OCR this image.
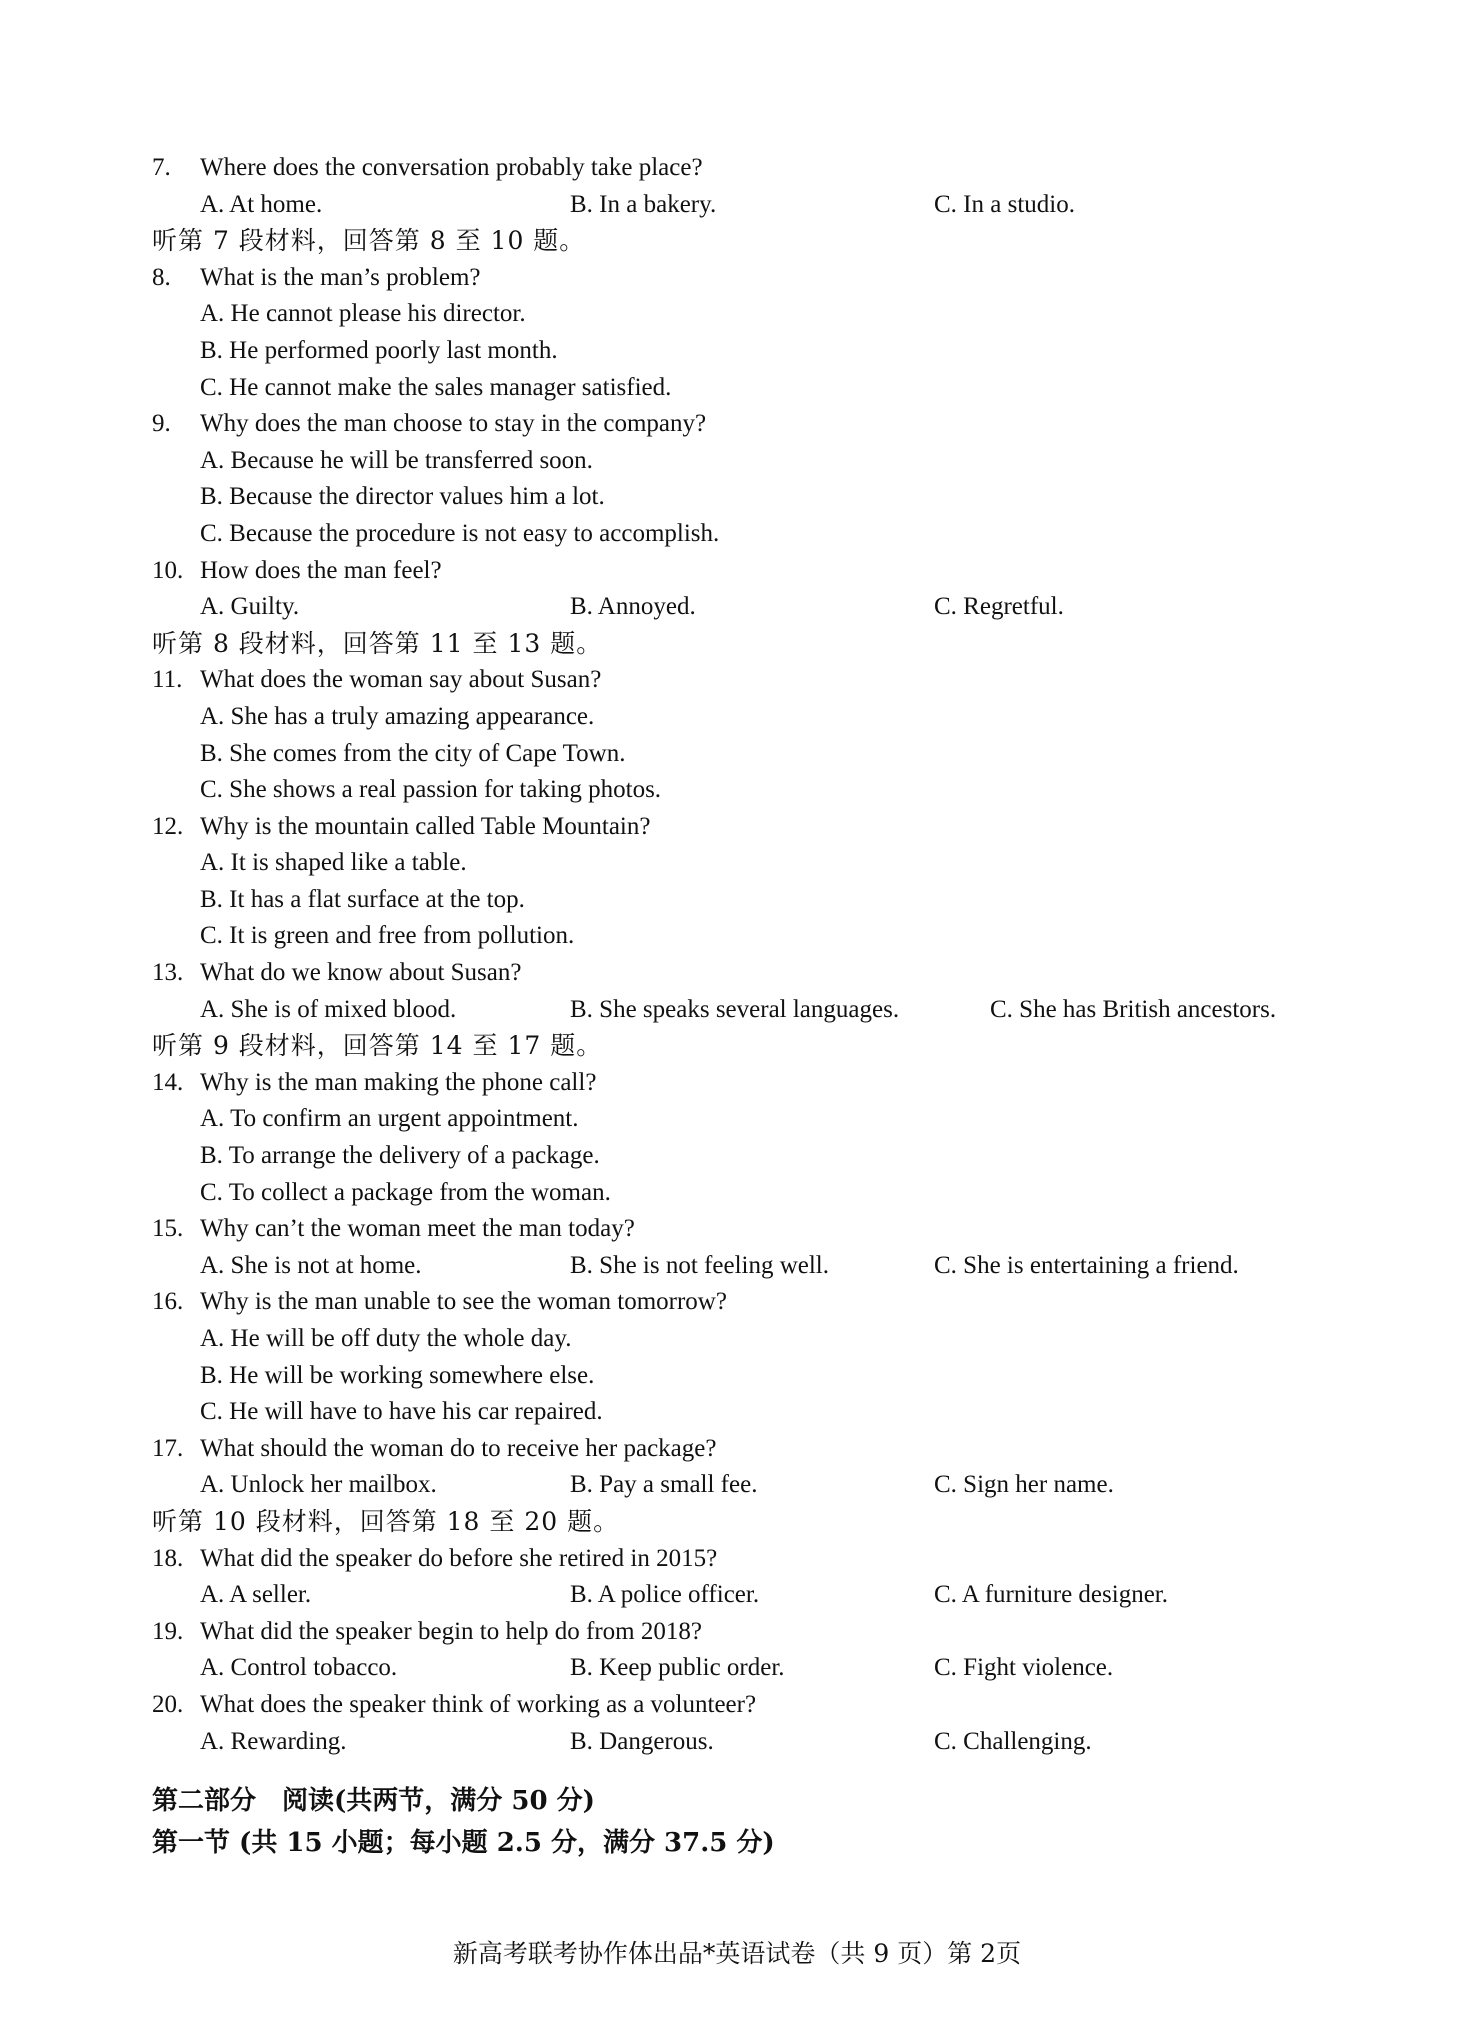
7. Where does the conversation probably take place?
A. At home.	B. In a bakery.	C. In a studio.
听第 7 段材料，回答第 8 至 10 题。
8. What is the man’s problem?
A. He cannot please his director.
B. He performed poorly last month.
C. He cannot make the sales manager satisfied.
9. Why does the man choose to stay in the company?
A. Because he will be transferred soon.
B. Because the director values him a lot.
C. Because the procedure is not easy to accomplish.
10. How does the man feel?
A. Guilty.	B. Annoyed.	C. Regretful.
听第 8 段材料，回答第 11 至 13 题。
11. What does the woman say about Susan?
A. She has a truly amazing appearance.
B. She comes from the city of Cape Town.
C. She shows a real passion for taking photos.
12. Why is the mountain called Table Mountain?
A. It is shaped like a table.
B. It has a flat surface at the top.
C. It is green and free from pollution.
13. What do we know about Susan?
A. She is of mixed blood.	B. She speaks several languages.	C. She has British ancestors.
听第 9 段材料，回答第 14 至 17 题。
14. Why is the man making the phone call?
A. To confirm an urgent appointment.
B. To arrange the delivery of a package.
C. To collect a package from the woman.
15. Why can’t the woman meet the man today?
A. She is not at home.	B. She is not feeling well.	C. She is entertaining a friend.
16. Why is the man unable to see the woman tomorrow?
A. He will be off duty the whole day.
B. He will be working somewhere else.
C. He will have to have his car repaired.
17. What should the woman do to receive her package?
A. Unlock her mailbox.	B. Pay a small fee.	C. Sign her name.
听第 10 段材料，回答第 18 至 20 题。
18. What did the speaker do before she retired in 2015?
A. A seller.	B. A police officer.	C. A furniture designer.
19. What did the speaker begin to help do from 2018?
A. Control tobacco.	B. Keep public order.	C. Fight violence.
20. What does the speaker think of working as a volunteer?
A. Rewarding.	B. Dangerous.	C. Challenging.
第二部分　阅读(共两节，满分 50 分)
第一节 (共 15 小题；每小题 2.5 分，满分 37.5 分)
新高考联考协作体出品*英语试卷（共 9 页）第 2页
